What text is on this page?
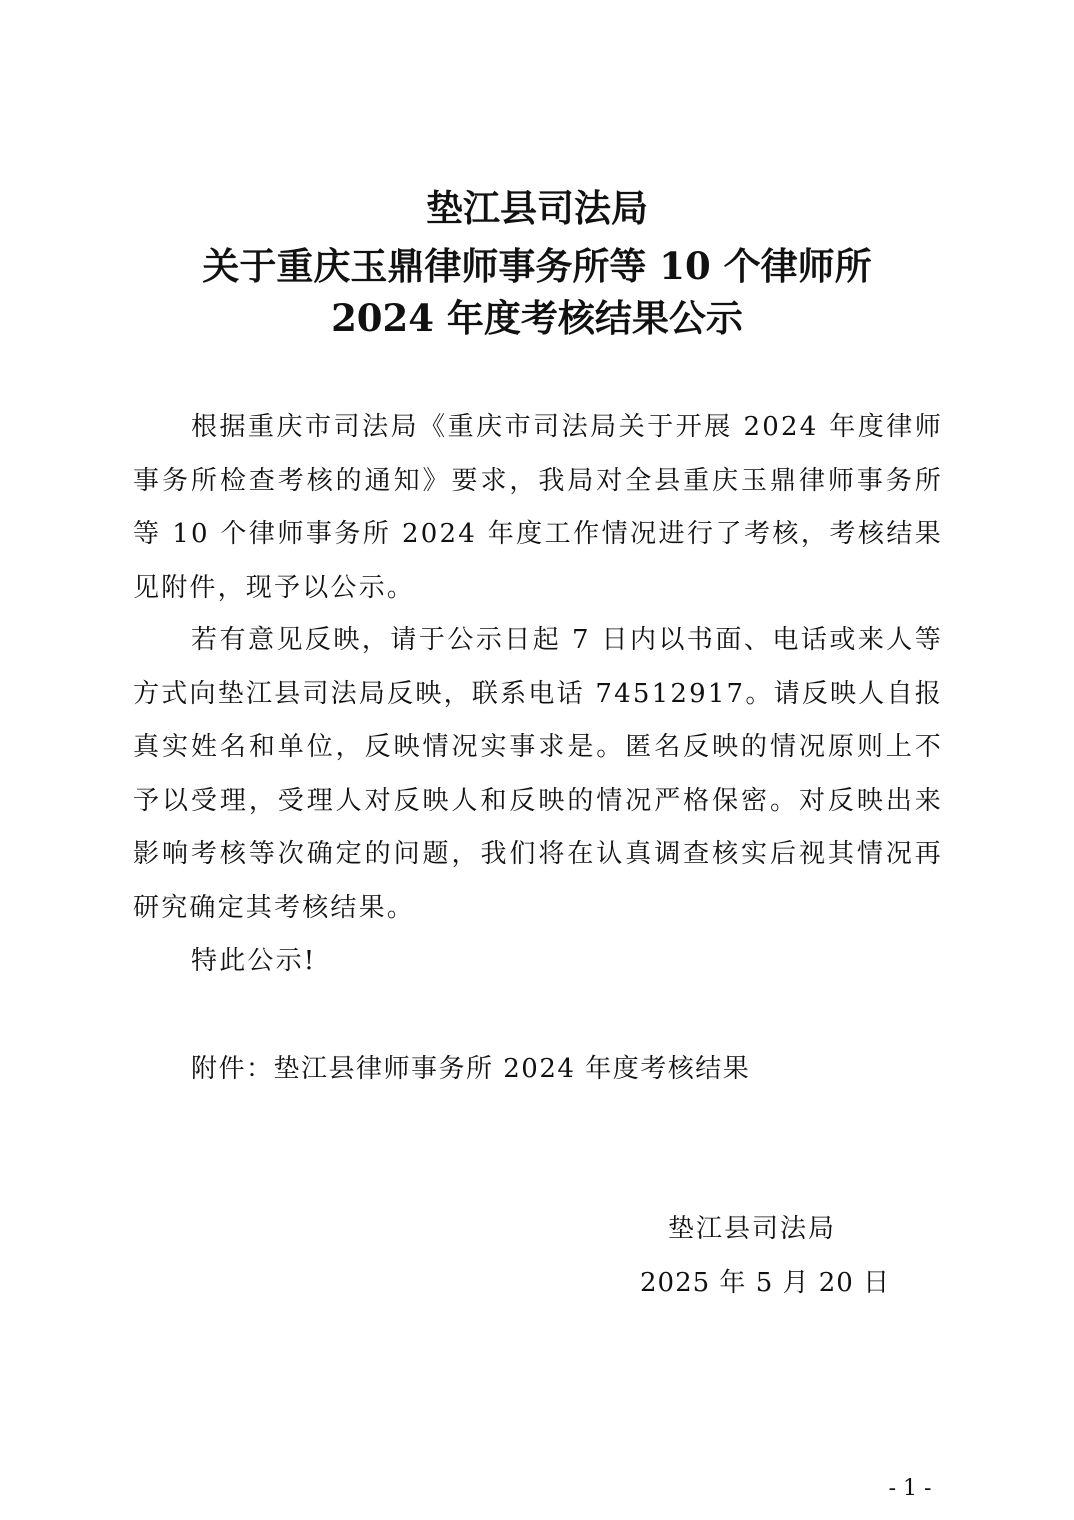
垫江县司法局
关于重庆玉鼎律师事务所等 10 个律师所
2024 年度考核结果公示
根据重庆市司法局《重庆市司法局关于开展 2024 年度律师事务所检查考核的通知》要求，我局对全县重庆玉鼎律师事务所等 10 个律师事务所 2024 年度工作情况进行了考核，考核结果见附件，现予以公示。
若有意见反映，请于公示日起 7 日内以书面、电话或来人等方式向垫江县司法局反映，联系电话 74512917。请反映人自报真实姓名和单位，反映情况实事求是。匿名反映的情况原则上不予以受理，受理人对反映人和反映的情况严格保密。对反映出来影响考核等次确定的问题，我们将在认真调查核实后视其情况再研究确定其考核结果。
特此公示!
附件：垫江县律师事务所 2024 年度考核结果
垫江县司法局
2025 年 5 月 20 日
- 1 -
